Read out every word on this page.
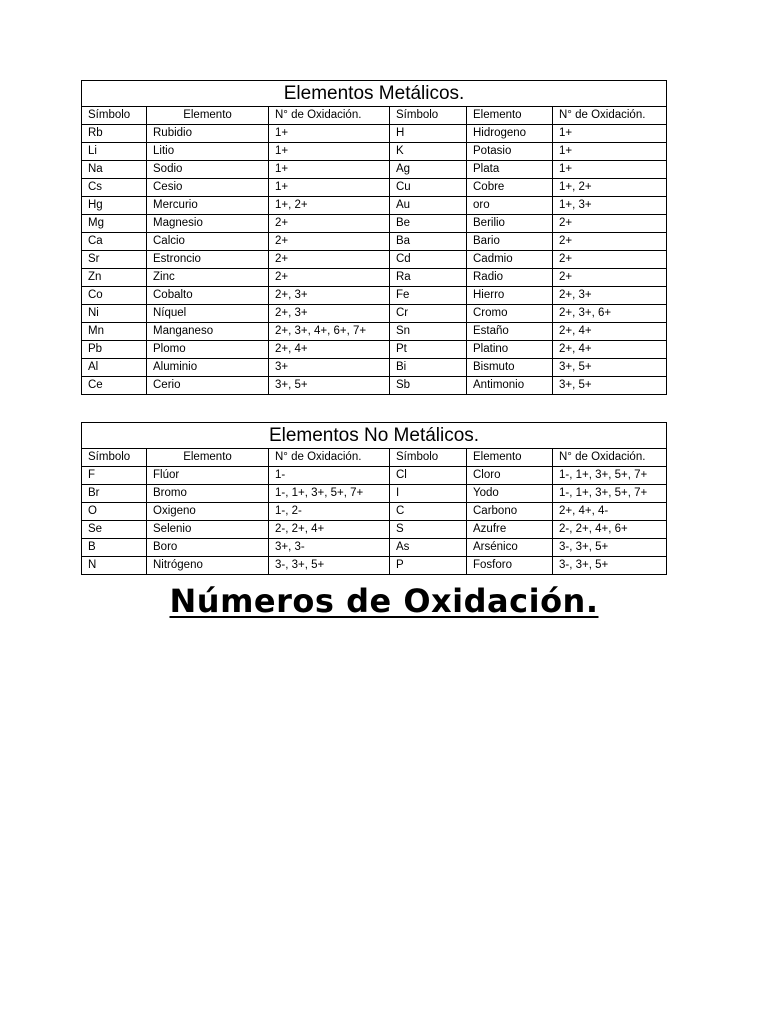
Elementos Metálicos.					
Símbolo	Elemento	N° de Oxidación.	Símbolo	Elemento	N° de Oxidación.
Rb	Rubidio	1+	H	Hidrogeno	1+
Li	Litio	1+	K	Potasio	1+
Na	Sodio	1+	Ag	Plata	1+
Cs	Cesio	1+	Cu	Cobre	1+, 2+
Hg	Mercurio	1+, 2+	Au	oro	1+, 3+
Mg	Magnesio	2+	Be	Berilio	2+
Ca	Calcio	2+	Ba	Bario	2+
Sr	Estroncio	2+	Cd	Cadmio	2+
Zn	Zinc	2+	Ra	Radio	2+
Co	Cobalto	2+, 3+	Fe	Hierro	2+, 3+
Ni	Níquel	2+, 3+	Cr	Cromo	2+, 3+, 6+
Mn	Manganeso	2+, 3+, 4+, 6+, 7+	Sn	Estaño	2+, 4+
Pb	Plomo	2+, 4+	Pt	Platino	2+, 4+
Al	Aluminio	3+	Bi	Bismuto	3+, 5+
Ce	Cerio	3+, 5+	Sb	Antimonio	3+, 5+
Elementos No Metálicos.					
Símbolo	Elemento	N° de Oxidación.	Símbolo	Elemento	N° de Oxidación.
F	Flúor	1-	Cl	Cloro	1-, 1+, 3+, 5+, 7+
Br	Bromo	1-, 1+, 3+, 5+, 7+	I	Yodo	1-, 1+, 3+, 5+, 7+
O	Oxigeno	1-, 2-	C	Carbono	2+, 4+, 4-
Se	Selenio	2-, 2+, 4+	S	Azufre	2-, 2+, 4+, 6+
B	Boro	3+, 3-	As	Arsénico	3-, 3+, 5+
N	Nitrógeno	3-, 3+, 5+	P	Fosforo	3-, 3+, 5+
Números de Oxidación.
